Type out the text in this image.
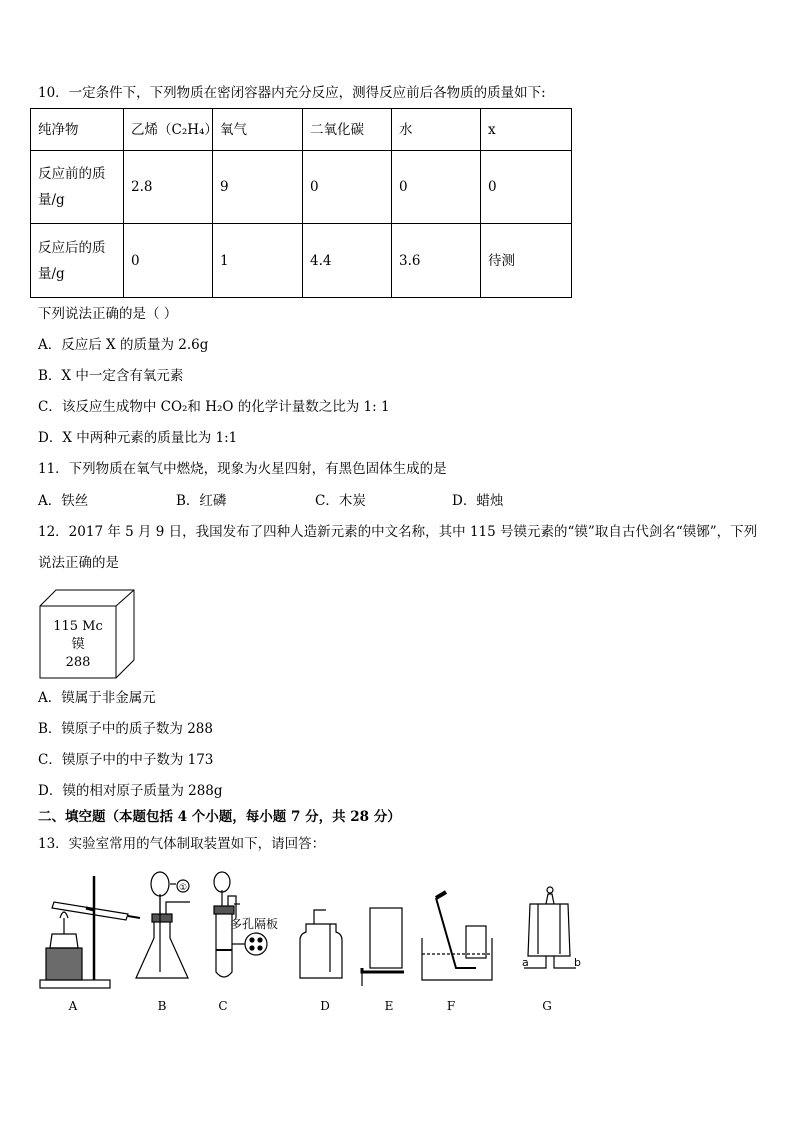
10．一定条件下，下列物质在密闭容器内充分反应，测得反应前后各物质的质量如下:
纯净物	乙烯（C₂H₄）	氧气	二氧化碳	水	x
反应前的质
量/g	2.8	9	0	0	0
反应后的质
量/g	0	1	4.4	3.6	待测
下列说法正确的是（ ）
A．反应后 X 的质量为 2.6g
B．X 中一定含有氧元素
C．该反应生成物中 CO₂和 H₂O 的化学计量数之比为 1: 1
D．X 中两种元素的质量比为 1:1
11．下列物质在氧气中燃烧，现象为火星四射，有黑色固体生成的是
A．铁丝	B．红磷	C．木炭	D．蜡烛
12．2017 年 5 月 9 日，我国发布了四种人造新元素的中文名称，其中 115 号镆元素的“镆”取自古代剑名“镆铘”，下列
说法正确的是
115 Mc
镆
288
A．镆属于非金属元
B．镆原子中的质子数为 288
C．镆原子中的中子数为 173
D．镆的相对原子质量为 288g
二、填空题（本题包括 4 个小题，每小题 7 分，共 28 分）
13．实验室常用的气体制取装置如下，请回答：
①
多孔隔板
a	b
A	B	C	D	E	F	G
